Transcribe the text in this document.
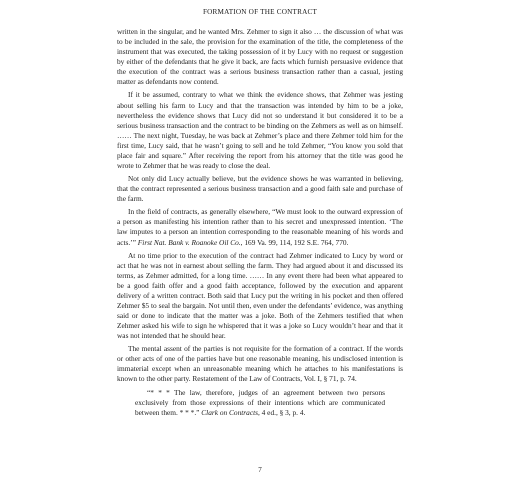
FORMATION OF THE CONTRACT

written in the singular, and he wanted Mrs. Zehmer to sign it also … the discussion of what was to be included in the sale, the provision for the examination of the title, the completeness of the instrument that was executed, the taking possession of it by Lucy with no request or suggestion by either of the defendants that he give it back, are facts which furnish persuasive evidence that the execution of the contract was a serious business transaction rather than a casual, jesting matter as defendants now contend.

If it be assumed, contrary to what we think the evidence shows, that Zehmer was jesting about selling his farm to Lucy and that the transaction was intended by him to be a joke, nevertheless the evidence shows that Lucy did not so understand it but considered it to be a serious business transaction and the contract to be binding on the Zehmers as well as on himself. …… The next night, Tuesday, he was back at Zehmer’s place and there Zehmer told him for the first time, Lucy said, that he wasn’t going to sell and he told Zehmer, “You know you sold that place fair and square.” After receiving the report from his attorney that the title was good he wrote to Zehmer that he was ready to close the deal.

Not only did Lucy actually believe, but the evidence shows he was warranted in believing, that the contract represented a serious business transaction and a good faith sale and purchase of the farm.

In the field of contracts, as generally elsewhere, “We must look to the outward expression of a person as manifesting his intention rather than to his secret and unexpressed intention. ‘The law imputes to a person an intention corresponding to the reasonable meaning of his words and acts.’” First Nat. Bank v. Roanoke Oil Co., 169 Va. 99, 114, 192 S.E. 764, 770.

At no time prior to the execution of the contract had Zehmer indicated to Lucy by word or act that he was not in earnest about selling the farm. They had argued about it and discussed its terms, as Zehmer admitted, for a long time. …… In any event there had been what appeared to be a good faith offer and a good faith acceptance, followed by the execution and apparent delivery of a written contract. Both said that Lucy put the writing in his pocket and then offered Zehmer $5 to seal the bargain. Not until then, even under the defendants’ evidence, was anything said or done to indicate that the matter was a joke. Both of the Zehmers testified that when Zehmer asked his wife to sign he whispered that it was a joke so Lucy wouldn’t hear and that it was not intended that he should hear.

The mental assent of the parties is not requisite for the formation of a contract. If the words or other acts of one of the parties have but one reasonable meaning, his undisclosed intention is immaterial except when an unreasonable meaning which he attaches to his manifestations is known to the other party. Restatement of the Law of Contracts, Vol. I, § 71, p. 74.

“* * * The law, therefore, judges of an agreement between two persons exclusively from those expressions of their intentions which are communicated between them. * * *.” Clark on Contracts, 4 ed., § 3, p. 4.

7
